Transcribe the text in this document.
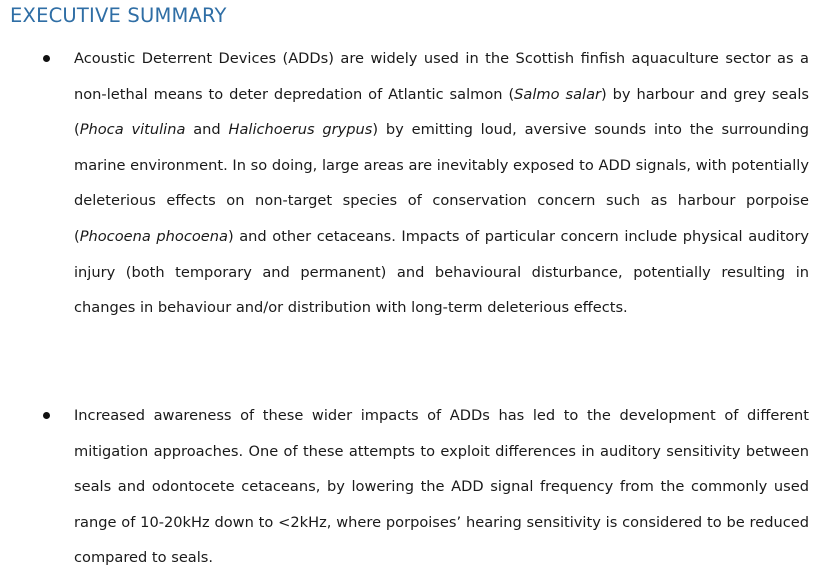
EXECUTIVE SUMMARY

Acoustic Deterrent Devices (ADDs) are widely used in the Scottish finfish aquaculture sector as a non-lethal means to deter depredation of Atlantic salmon (Salmo salar) by harbour and grey seals (Phoca vitulina and Halichoerus grypus) by emitting loud, aversive sounds into the surrounding marine environment. In so doing, large areas are inevitably exposed to ADD signals, with potentially deleterious effects on non-target species of conservation concern such as harbour porpoise (Phocoena phocoena) and other cetaceans. Impacts of particular concern include physical auditory injury (both temporary and permanent) and behavioural disturbance, potentially resulting in changes in behaviour and/or distribution with long-term deleterious effects.

Increased awareness of these wider impacts of ADDs has led to the development of different mitigation approaches. One of these attempts to exploit differences in auditory sensitivity between seals and odontocete cetaceans, by lowering the ADD signal frequency from the commonly used range of 10-20kHz down to <2kHz, where porpoises’ hearing sensitivity is considered to be reduced compared to seals.
